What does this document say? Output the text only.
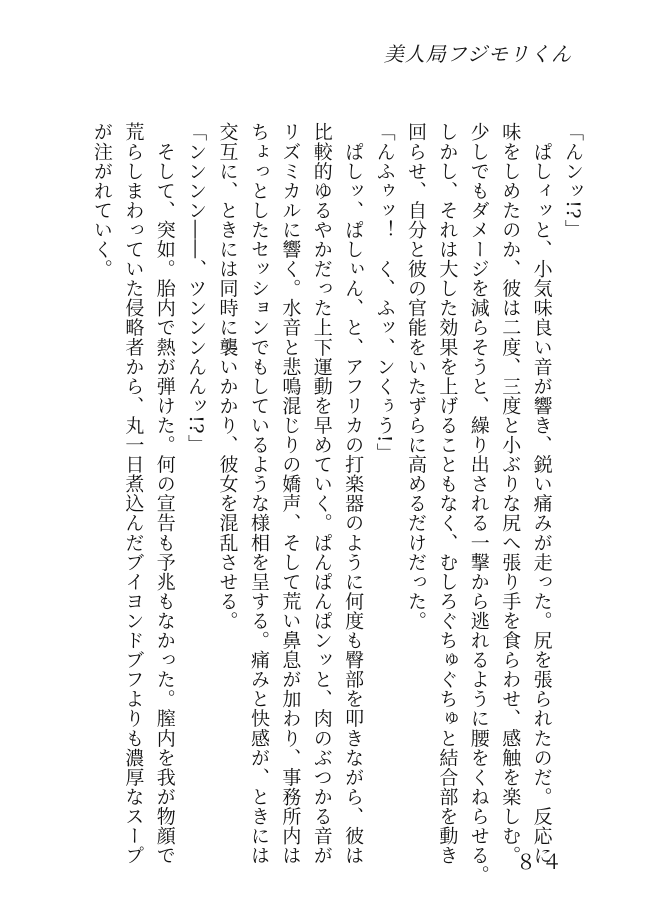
美人局フジモリくん

「んンッ!?」

　ぱしィッと、小気味良い音が響き、鋭い痛みが走った。尻を張られたのだ。反応に

味をしめたのか、彼は二度、三度と小ぶりな尻へ張り手を食らわせ、感触を楽しむ。

少しでもダメージを減らそうと、繰り出される一撃から逃れるように腰をくねらせる。

しかし、それは大した効果を上げることもなく、むしろぐちゅぐちゅと結合部を動き

回らせ、自分と彼の官能をいたずらに高めるだけだった。

「んふゥッ！　く、ふッ、ンくぅう!」

　ぱしッ、ぱしぃん、と、アフリカの打楽器のように何度も臀部を叩きながら、彼は

比較的ゆるやかだった上下運動を早めていく。ぱんぱんぱンッと、肉のぶつかる音が

リズミカルに響く。水音と悲鳴混じりの嬌声、そして荒い鼻息が加わり、事務所内は

ちょっとしたセッションでもしているような様相を呈する。痛みと快感が、ときには

交互に、ときには同時に襲いかかり、彼女を混乱させる。

「ンンンン――、ツンンンんんッ!?」

　そして、突如。胎内で熱が弾けた。何の宣告も予兆もなかった。膣内を我が物顔で

荒らしまわっていた侵略者から、丸一日煮込んだブイヨンドブフよりも濃厚なスープ

が注がれていく。

８４
